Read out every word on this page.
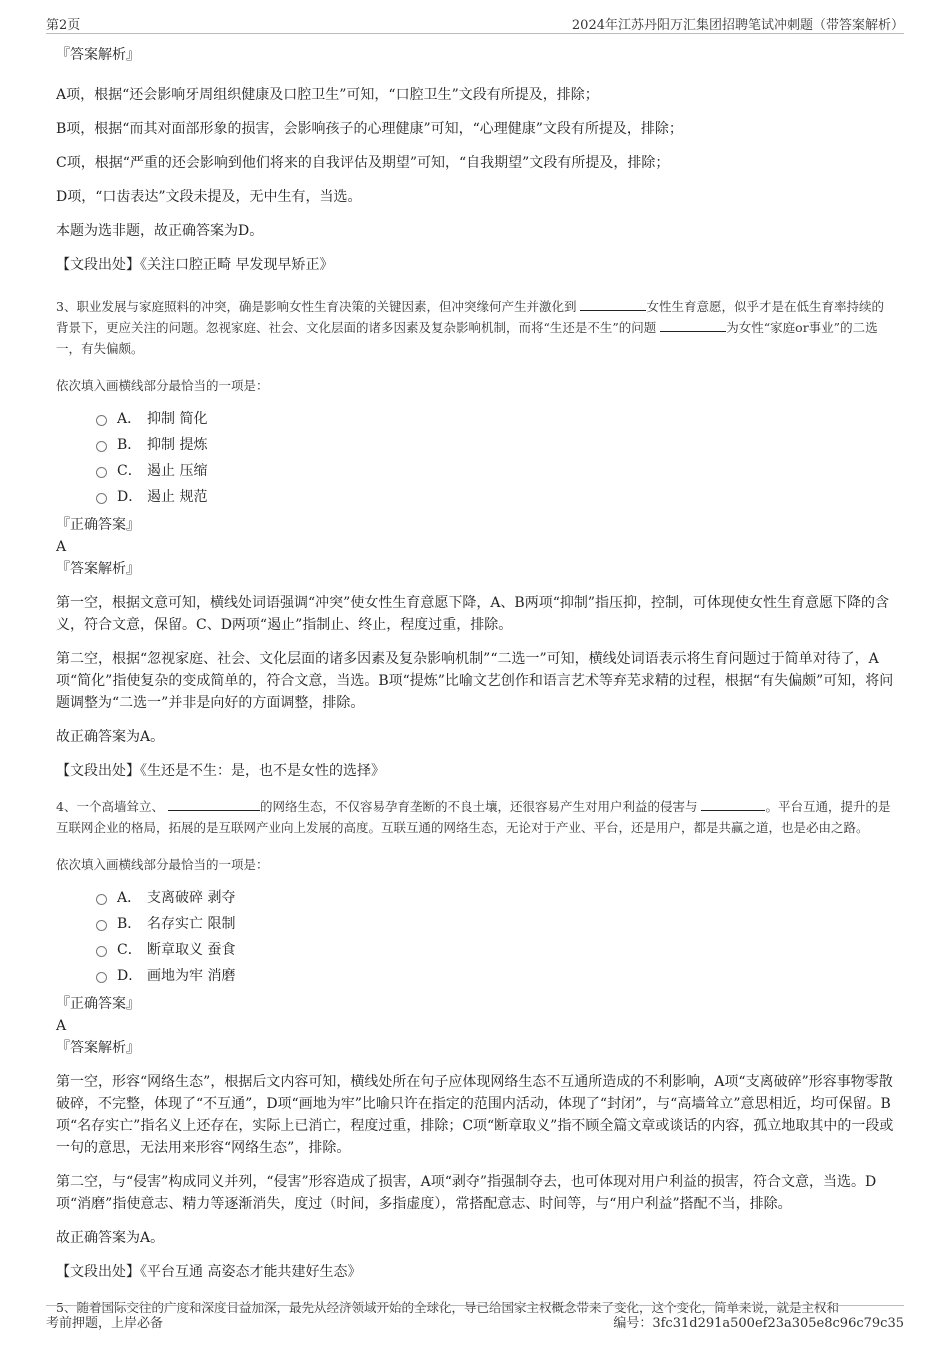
第2页	2024年江苏丹阳万汇集团招聘笔试冲刺题（带答案解析）

『答案解析』

A项，根据“还会影响牙周组织健康及口腔卫生”可知，“口腔卫生”文段有所提及，排除；

B项，根据“而其对面部形象的损害，会影响孩子的心理健康”可知，“心理健康”文段有所提及，排除；

C项，根据“严重的还会影响到他们将来的自我评估及期望”可知，“自我期望”文段有所提及，排除；

D项，“口齿表达”文段未提及，无中生有，当选。

本题为选非题，故正确答案为D。

【文段出处】《关注口腔正畸 早发现早矫正》

3、职业发展与家庭照料的冲突，确是影响女性生育决策的关键因素，但冲突缘何产生并激化到	女性生育意愿，似乎才是在低生育率持续的背景下，更应关注的问题。忽视家庭、社会、文化层面的诸多因素及复杂影响机制，而将“生还是不生”的问题	为女性“家庭or事业”的二选一，有失偏颇。

依次填入画横线部分最恰当的一项是：

A． 抑制 简化
B． 抑制 提炼
C． 遏止 压缩
D． 遏止 规范

『正确答案』

A

『答案解析』

第一空，根据文意可知，横线处词语强调“冲突”使女性生育意愿下降，A、B两项“抑制”指压抑，控制，可体现使女性生育意愿下降的含义，符合文意，保留。C、D两项“遏止”指制止、终止，程度过重，排除。

第二空，根据“忽视家庭、社会、文化层面的诸多因素及复杂影响机制”“二选一”可知，横线处词语表示将生育问题过于简单对待了，A项“简化”指使复杂的变成简单的，符合文意，当选。B项“提炼”比喻文艺创作和语言艺术等弃芜求精的过程，根据“有失偏颇”可知，将问题调整为“二选一”并非是向好的方面调整，排除。

故正确答案为A。

【文段出处】《生还是不生：是，也不是女性的选择》

4、一个高墙耸立、	的网络生态，不仅容易孕育垄断的不良土壤，还很容易产生对用户利益的侵害与	。平台互通，提升的是互联网企业的格局，拓展的是互联网产业向上发展的高度。互联互通的网络生态，无论对于产业、平台，还是用户，都是共赢之道，也是必由之路。

依次填入画横线部分最恰当的一项是：

A． 支离破碎 剥夺
B． 名存实亡 限制
C． 断章取义 蚕食
D． 画地为牢 消磨

『正确答案』

A

『答案解析』

第一空，形容“网络生态”，根据后文内容可知，横线处所在句子应体现网络生态不互通所造成的不利影响，A项“支离破碎”形容事物零散破碎，不完整，体现了“不互通”，D项“画地为牢”比喻只许在指定的范围内活动，体现了“封闭”，与“高墙耸立”意思相近，均可保留。B项“名存实亡”指名义上还存在，实际上已消亡，程度过重，排除；C项“断章取义”指不顾全篇文章或谈话的内容，孤立地取其中的一段或一句的意思，无法用来形容“网络生态”，排除。

第二空，与“侵害”构成同义并列，“侵害”形容造成了损害，A项“剥夺”指强制夺去，也可体现对用户利益的损害，符合文意，当选。D项“消磨”指使意志、精力等逐渐消失，度过（时间，多指虚度），常搭配意志、时间等，与“用户利益”搭配不当，排除。

故正确答案为A。

【文段出处】《平台互通 高姿态才能共建好生态》

5、随着国际交往的广度和深度日益加深，最先从经济领域开始的全球化，导已给国家主权概念带来了变化，这个变化，简单来说，就是主权和

考前押题，上岸必备	编号：3fc31d291a500ef23a305e8c96c79c35
